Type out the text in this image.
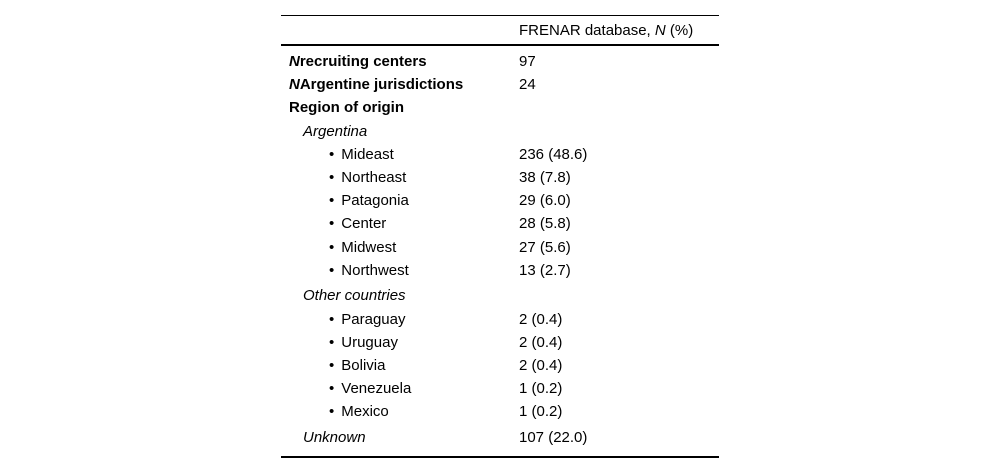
FRENAR database, N (%)
Nrecruiting centers	97
NArgentine jurisdictions	24
Region of origin
Argentina
• Mideast	236 (48.6)
• Northeast	38 (7.8)
• Patagonia	29 (6.0)
• Center	28 (5.8)
• Midwest	27 (5.6)
• Northwest	13 (2.7)
Other countries
• Paraguay	2 (0.4)
• Uruguay	2 (0.4)
• Bolivia	2 (0.4)
• Venezuela	1 (0.2)
• Mexico	1 (0.2)
Unknown	107 (22.0)
